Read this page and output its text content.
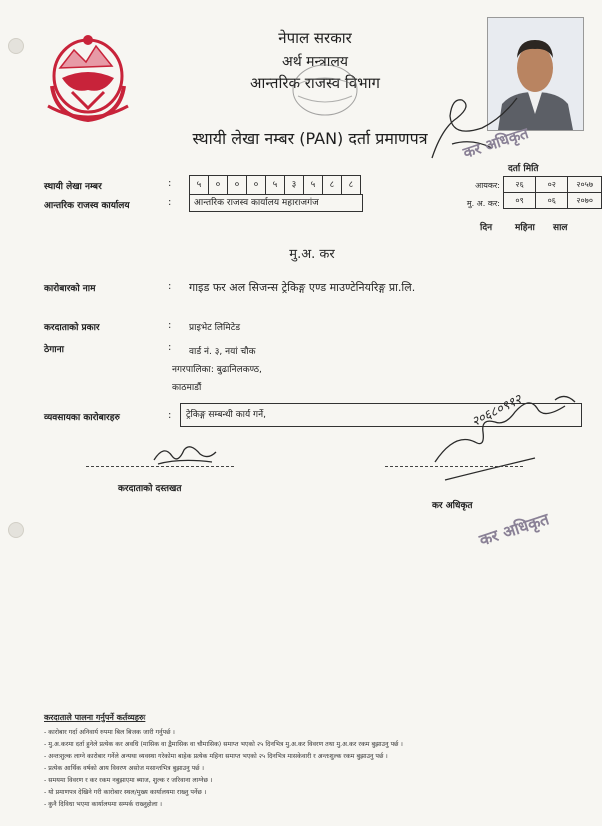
नेपाल सरकार
अर्थ मन्त्रालय
आन्तरिक राजस्व विभाग
स्थायी लेखा नम्बर (PAN) दर्ता प्रमाणपत्र	कर अधिकृत
स्थायी लेखा नम्बर	:	५	०	०	०	५	३	५	८	८
आन्तरिक राजस्व कार्यालय	:	आन्तरिक राजस्व कार्यालय महाराजगंज
दर्ता मिति
आयकर:
मु. अ. कर:
२६	०२	२०५७
०९	०६	२०७०
दिन	महिना साल
मु.अ. कर
कारोबारको नाम	: गाइड फर अल सिजन्स ट्रेकिङ्ग एण्ड माउण्टेनियरिङ्ग प्रा.लि.
करदाताको प्रकार	: प्राइभेट लिमिटेड
ठेगाना	: वार्ड नं. ३, नयां चौक
नगरपालिका: बुढानिलकण्ठ,
काठमाडौं
व्यवसायका कारोबारहरु	:	ट्रेकिङ्ग सम्बन्धी कार्य गर्ने,
करदाताको दस्तखत
२०६८०९१२
कर अधिकृत
कर अधिकृत
करदाताले पालना गर्नुपर्ने कर्तव्यहरुः
- कारोबार गर्दा अनिवार्य रुपमा बिल बिजक जारी गर्नुपर्छ ।
- मु.अ.करमा दर्ता हुनेले प्रत्येक कर अवधि (मासिक वा द्वैमासिक वा चौमासिक) समाप्त भएको २५ दिनभित्र मु.अ.कर विवरण तथा मु.अ.कर रकम बुझाउनु पर्छ ।
- अन्तःशुल्क लाग्ने कारोबार गर्नेले अन्यथा व्यवस्था गरेकोमा बाहेक प्रत्येक महिना समाप्त भएको २५ दिनभित्र मासकेवारी र अन्तःशुल्क रकम बुझाउनु पर्छ ।
- प्रत्येक आर्थिक वर्षको आय विवरण असोज मसान्तभित्र बुझाउनु पर्छ ।
- समयमा विवरण र कर रकम नबुझाएमा ब्याज, शुल्क र जरिवाना लाग्नेछ ।
- यो प्रमाणपत्र देखिने गरी कारोबार स्थल/मुख्य कार्यालयमा राख्नु पर्नेछ ।
- कुनै दिविधा भएमा कार्यालयमा सम्पर्क राख्नुहोला ।
